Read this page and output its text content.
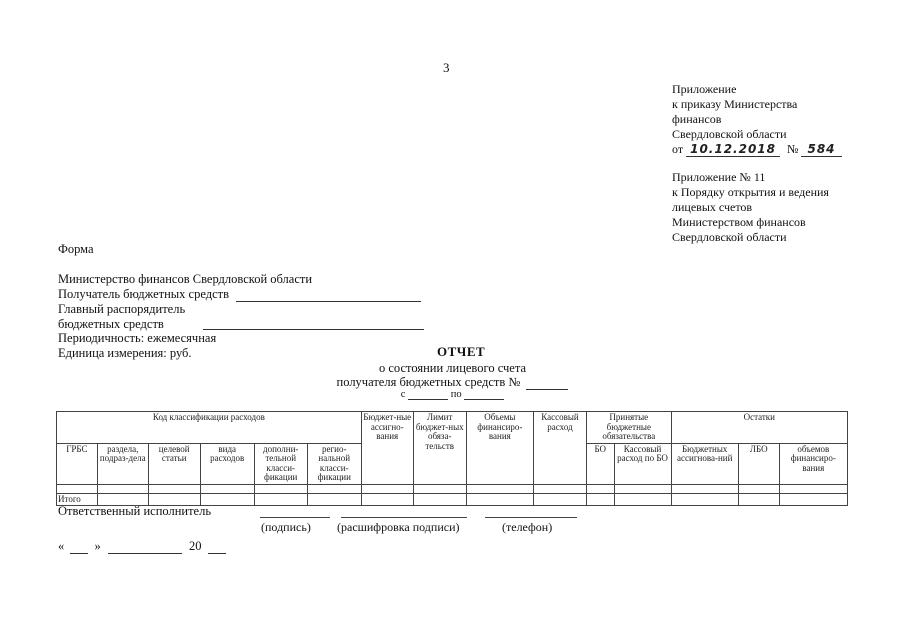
3
Приложение
к приказу Министерства
финансов
Свердловской области
от 10.12.2018 № 584
Приложение № 11
к Порядку открытия и ведения
лицевых счетов
Министерством финансов
Свердловской области
Форма
Министерство финансов Свердловской области
Получатель бюджетных средств
Главный распорядитель
бюджетных средств
Периодичность: ежемесячная
Единица измерения: руб.	ОТЧЕТ
о состоянии лицевого счета
получателя бюджетных средств №
с	по
Код классификации расходов						Бюджет-ные ассигно-вания	Лимит бюджет-ных обяза-тельств	Объемы финансиро-вания	Кассовый расход	Принятые бюджетные обязательства		Остатки		
ГРБС	раздела, подраз-дела	целевой статьи	вида расходов	дополни-тельной класси-фикации	регио-нальной класси-фикации					БО	Кассовый расход по БО	Бюджетных ассигнова-ний	ЛБО	объемов финансиро-вания

Итого														
Ответственный исполнитель
(подпись) (расшифровка подписи)	(телефон)
« »	20
